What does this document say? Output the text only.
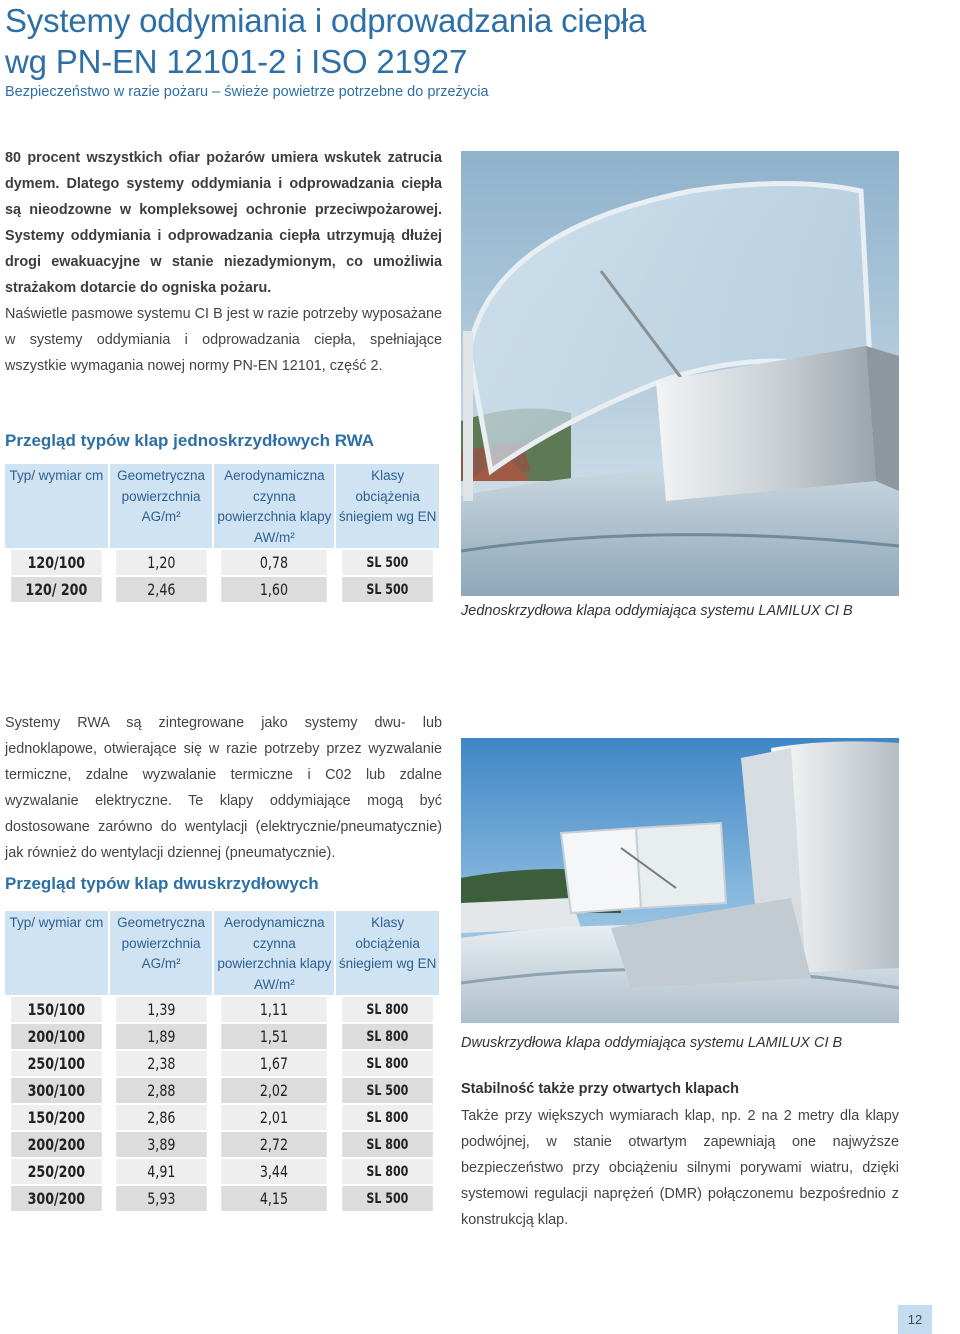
Systemy oddymiania i odprowadzania ciepła
wg PN-EN 12101-2 i ISO 21927
Bezpieczeństwo w razie pożaru – świeże powietrze potrzebne do przeżycia

80 procent wszystkich ofiar pożarów umiera wskutek zatrucia dymem. Dlatego systemy oddymiania i odprowadzania ciepła są nieodzowne w kompleksowej ochronie przeciwpożarowej. Systemy oddymiania i odprowadzania ciepła utrzymują dłużej drogi ewakuacyjne w stanie niezadymionym, co umożliwia strażakom dotarcie do ogniska pożaru.

Naświetle pasmowe systemu CI B jest w razie potrzeby wyposażane w systemy oddymiania i odprowadzania ciepła, spełniające wszystkie wymagania nowej normy PN-EN 12101, część 2.

Przegląd typów klap jednoskrzydłowych RWA
Typ/ wymiar cm	Geometryczna powierzchnia AG/m²	Aerodynamiczna czynna powierzchnia klapy AW/m²	Klasy obciążenia śniegiem wg EN
120/100	1,20	0,78	SL 500
120/ 200	2,46	1,60	SL 500
Jednoskrzydłowa klapa oddymiająca systemu LAMILUX CI B

Systemy RWA są zintegrowane jako systemy dwu- lub jednoklapowe, otwierające się w razie potrzeby przez wyzwalanie termiczne, zdalne wyzwalanie termiczne i C02 lub zdalne wyzwalanie elektryczne. Te klapy oddymiające mogą być dostosowane zarówno do wentylacji (elektrycznie/pneumatycznie) jak również do wentylacji dziennej (pneumatycznie).

Przegląd typów klap dwuskrzydłowych
Typ/ wymiar cm	Geometryczna powierzchnia AG/m²	Aerodynamiczna czynna powierzchnia klapy AW/m²	Klasy obciążenia śniegiem wg EN
150/100	1,39	1,11	SL 800
200/100	1,89	1,51	SL 800
250/100	2,38	1,67	SL 800
300/100	2,88	2,02	SL 500
150/200	2,86	2,01	SL 800
200/200	3,89	2,72	SL 800
250/200	4,91	3,44	SL 800
300/200	5,93	4,15	SL 500
Dwuskrzydłowa klapa oddymiająca systemu LAMILUX CI B
Stabilność także przy otwartych klapach

Także przy większych wymiarach klap, np. 2 na 2 metry dla klapy podwójnej, w stanie otwartym zapewniają one najwyższe bezpieczeństwo przy obciążeniu silnymi porywami wiatru, dzięki systemowi regulacji naprężeń (DMR) połączonemu bezpośrednio z konstrukcją klap.

12
